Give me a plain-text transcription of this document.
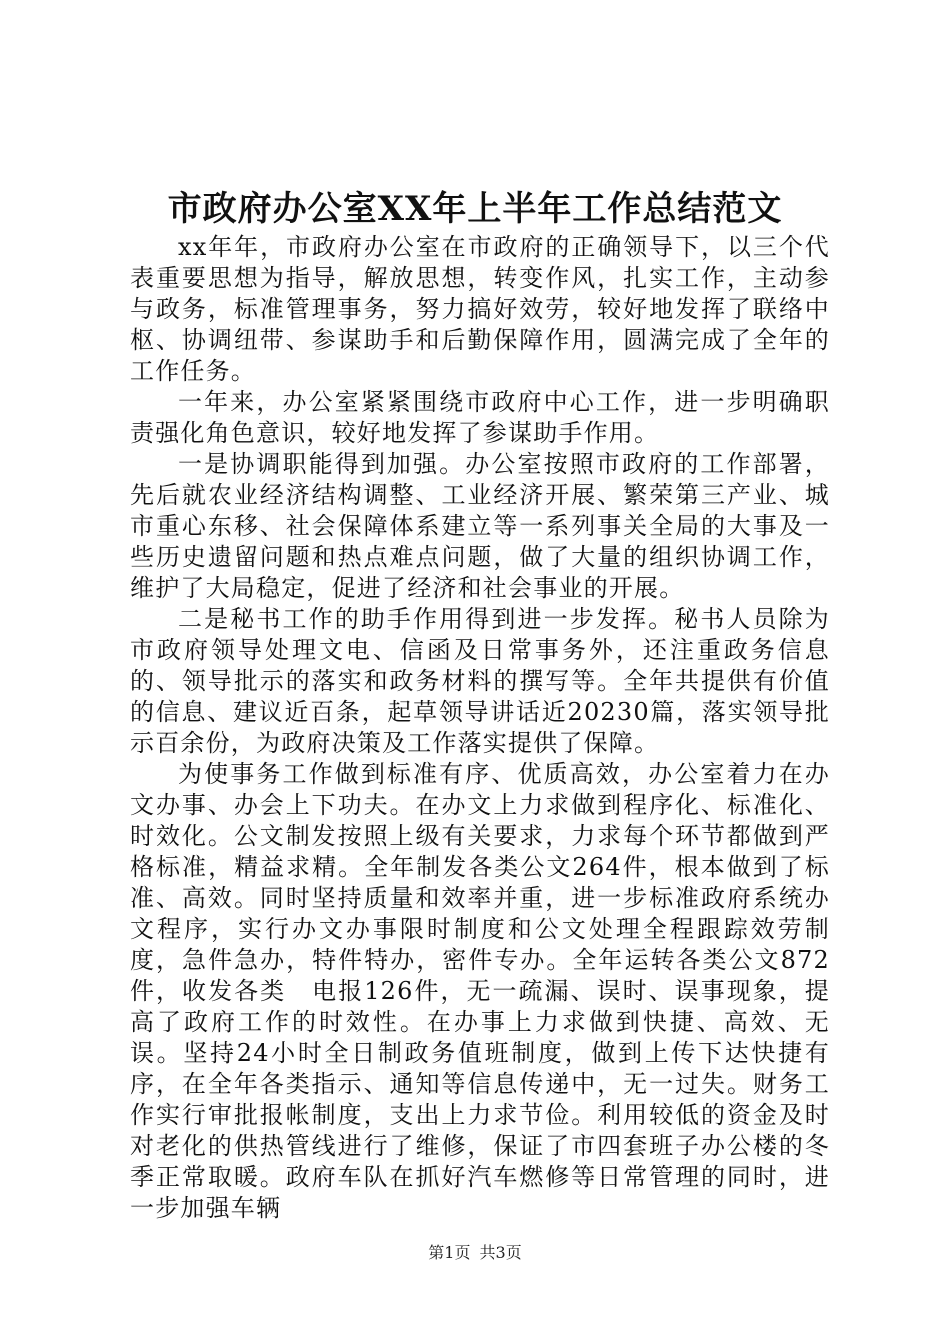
市政府办公室XX年上半年工作总结范文

xx年年，市政府办公室在市政府的正确领导下，以三个代表重要思想为指导，解放思想，转变作风，扎实工作，主动参与政务，标准管理事务，努力搞好效劳，较好地发挥了联络中枢、协调纽带、参谋助手和后勤保障作用，圆满完成了全年的工作任务。

一年来，办公室紧紧围绕市政府中心工作，进一步明确职责强化角色意识，较好地发挥了参谋助手作用。

一是协调职能得到加强。办公室按照市政府的工作部署，先后就农业经济结构调整、工业经济开展、繁荣第三产业、城市重心东移、社会保障体系建立等一系列事关全局的大事及一些历史遗留问题和热点难点问题，做了大量的组织协调工作，维护了大局稳定，促进了经济和社会事业的开展。

二是秘书工作的助手作用得到进一步发挥。秘书人员除为市政府领导处理文电、信函及日常事务外，还注重政务信息的、领导批示的落实和政务材料的撰写等。全年共提供有价值的信息、建议近百条，起草领导讲话近20230篇，落实领导批示百余份，为政府决策及工作落实提供了保障。

为使事务工作做到标准有序、优质高效，办公室着力在办文办事、办会上下功夫。在办文上力求做到程序化、标准化、时效化。公文制发按照上级有关要求，力求每个环节都做到严格标准，精益求精。全年制发各类公文264件，根本做到了标准、高效。同时坚持质量和效率并重，进一步标准政府系统办文程序，实行办文办事限时制度和公文处理全程跟踪效劳制度，急件急办，特件特办，密件专办。全年运转各类公文872件，收发各类　电报126件，无一疏漏、误时、误事现象，提高了政府工作的时效性。在办事上力求做到快捷、高效、无误。坚持24小时全日制政务值班制度，做到上传下达快捷有序，在全年各类指示、通知等信息传递中，无一过失。财务工作实行审批报帐制度，支出上力求节俭。利用较低的资金及时对老化的供热管线进行了维修，保证了市四套班子办公楼的冬季正常取暖。政府车队在抓好汽车燃修等日常管理的同时，进一步加强车辆

第1页 共3页
